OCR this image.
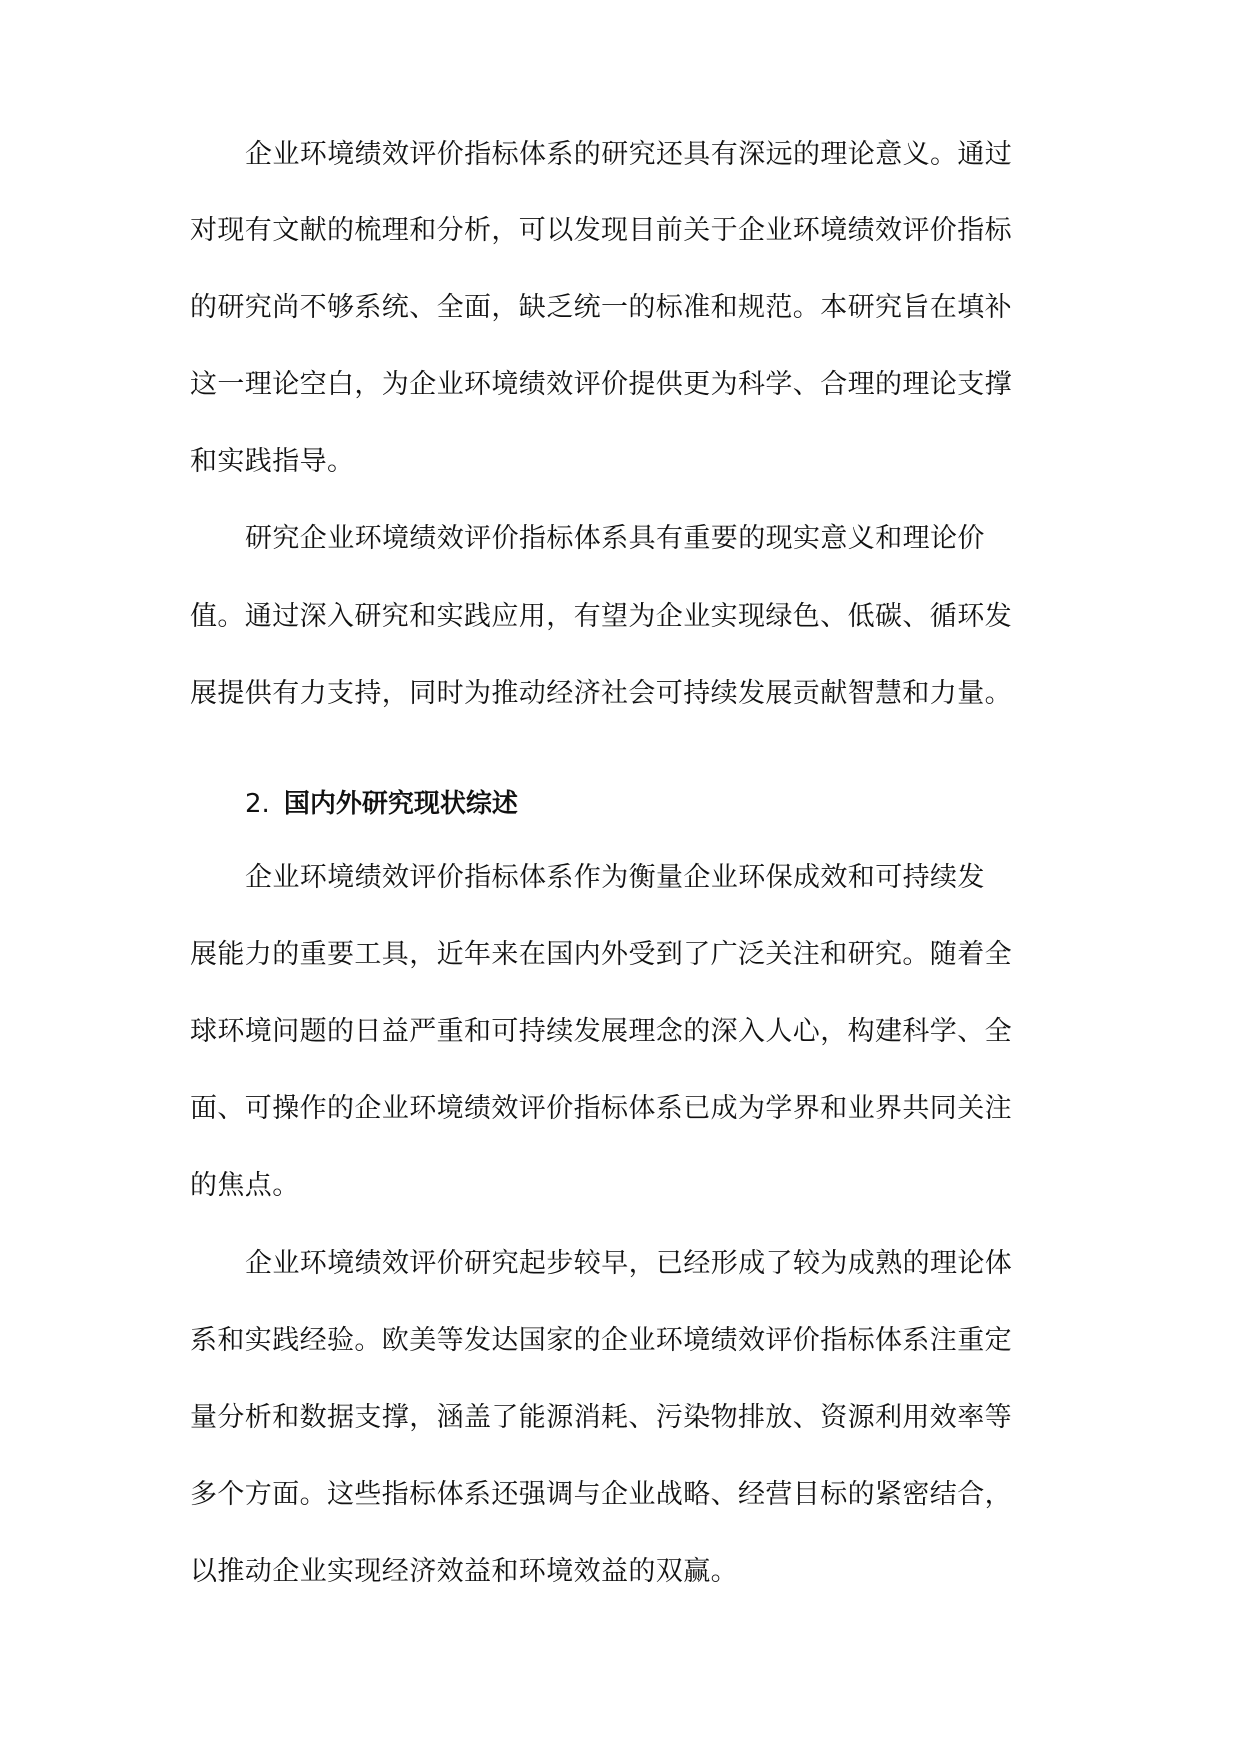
企业环境绩效评价指标体系的研究还具有深远的理论意义。通过
对现有文献的梳理和分析，可以发现目前关于企业环境绩效评价指标
的研究尚不够系统、全面，缺乏统一的标准和规范。本研究旨在填补
这一理论空白，为企业环境绩效评价提供更为科学、合理的理论支撑
和实践指导。
研究企业环境绩效评价指标体系具有重要的现实意义和理论价
值。通过深入研究和实践应用，有望为企业实现绿色、低碳、循环发
展提供有力支持，同时为推动经济社会可持续发展贡献智慧和力量。
2. 国内外研究现状综述
企业环境绩效评价指标体系作为衡量企业环保成效和可持续发
展能力的重要工具，近年来在国内外受到了广泛关注和研究。随着全
球环境问题的日益严重和可持续发展理念的深入人心，构建科学、全
面、可操作的企业环境绩效评价指标体系已成为学界和业界共同关注
的焦点。
企业环境绩效评价研究起步较早，已经形成了较为成熟的理论体
系和实践经验。欧美等发达国家的企业环境绩效评价指标体系注重定
量分析和数据支撑，涵盖了能源消耗、污染物排放、资源利用效率等
多个方面。这些指标体系还强调与企业战略、经营目标的紧密结合，
以推动企业实现经济效益和环境效益的双赢。
